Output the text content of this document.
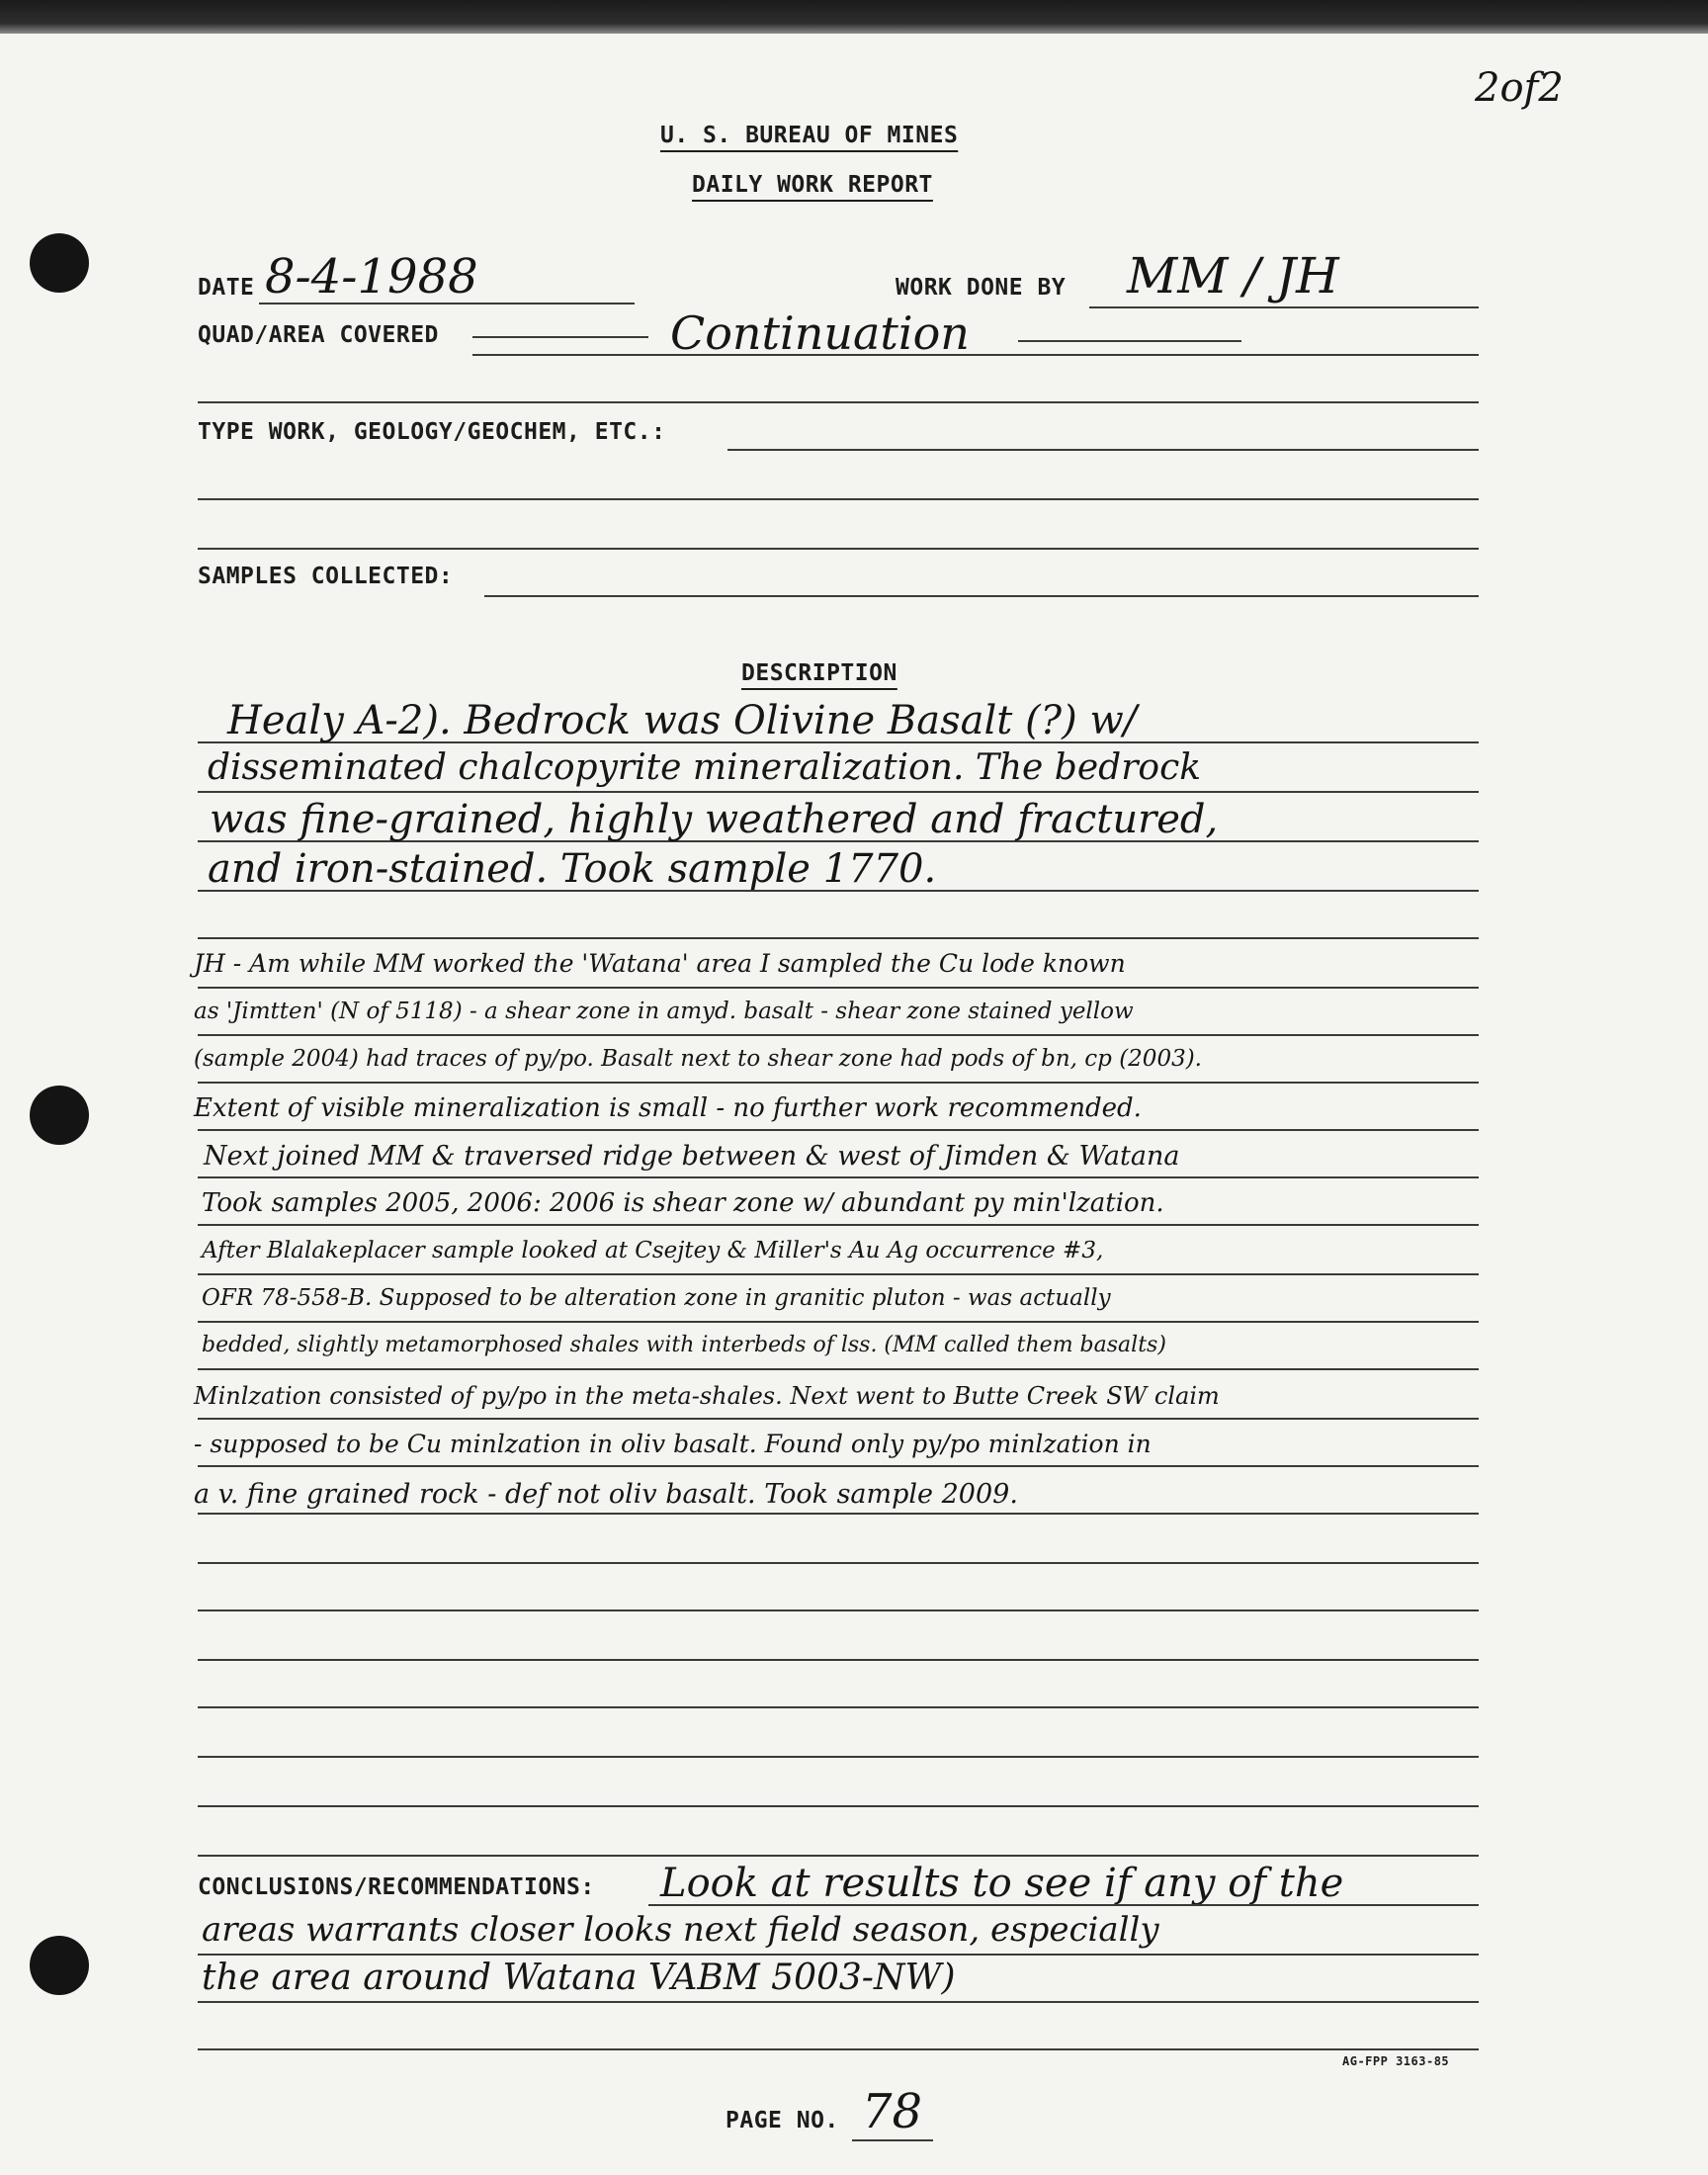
2of2
U. S. BUREAU OF MINES
DAILY WORK REPORT
DATE 8-4-1988	WORK DONE BY MM / JH
QUAD/AREA COVERED	Continuation
TYPE WORK, GEOLOGY/GEOCHEM, ETC.:
SAMPLES COLLECTED:
DESCRIPTION
Healy A-2). Bedrock was Olivine Basalt (?) w/
disseminated chalcopyrite mineralization. The bedrock
was fine-grained, highly weathered and fractured,
and iron-stained. Took sample 1770.
JH - Am while MM worked the 'Watana' area I sampled the Cu lode known
as 'Jimtten' (N of 5118) - a shear zone in amyd. basalt - shear zone stained yellow
(sample 2004) had traces of py/po. Basalt next to shear zone had pods of bn, cp (2003).
Extent of visible mineralization is small - no further work recommended.
Next joined MM & traversed ridge between & west of Jimden & Watana
Took samples 2005, 2006: 2006 is shear zone w/ abundant py min'lzation.
After Blalakeplacer sample looked at Csejtey & Miller's Au Ag occurrence #3,
OFR 78-558-B. Supposed to be alteration zone in granitic pluton - was actually
bedded, slightly metamorphosed shales with interbeds of lss. (MM called them basalts)
Minlzation consisted of py/po in the meta-shales. Next went to Butte Creek SW claim
- supposed to be Cu minlzation in oliv basalt. Found only py/po minlzation in
a v. fine grained rock - def not oliv basalt. Took sample 2009.
CONCLUSIONS/RECOMMENDATIONS: Look at results to see if any of the
areas warrants closer looks next field season, especially
the area around Watana VABM 5003-NW)
AG-FPP 3163-85
PAGE NO. 78
